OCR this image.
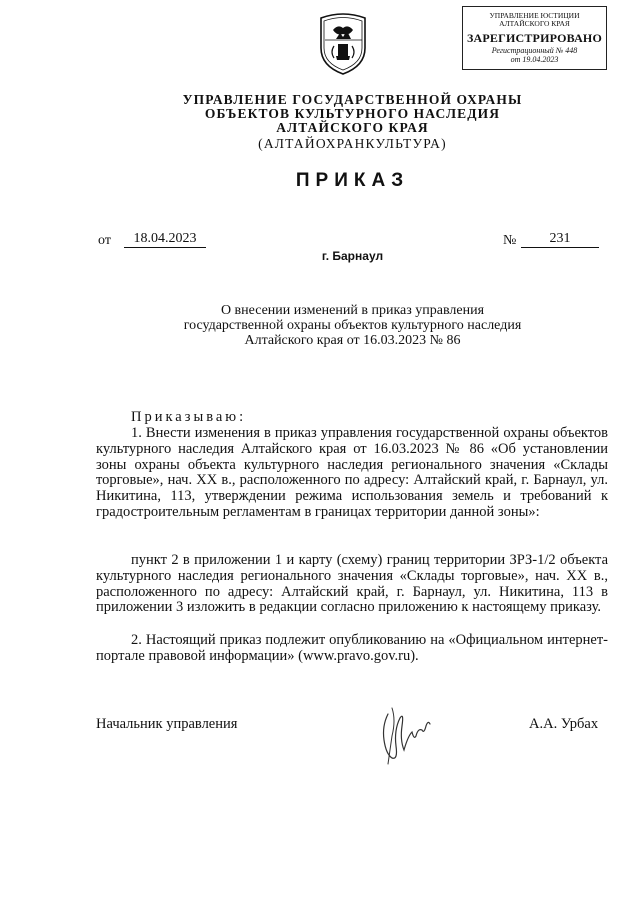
УПРАВЛЕНИЕ ЮСТИЦИИ
АЛТАЙСКОГО КРАЯ
ЗАРЕГИСТРИРОВАНО
Регистрационный № 448
от 19.04.2023
УПРАВЛЕНИЕ ГОСУДАРСТВЕННОЙ ОХРАНЫ
ОБЪЕКТОВ КУЛЬТУРНОГО НАСЛЕДИЯ
АЛТАЙСКОГО КРАЯ
(АЛТАЙОХРАНКУЛЬТУРА)
ПРИКАЗ
от	18.04.2023	№	231
г. Барнаул
О внесении изменений в приказ управления
государственной охраны объектов культурного наследия
Алтайского края от 16.03.2023 № 86
Приказываю:
1. Внести изменения в приказ управления государственной охраны объектов культурного наследия Алтайского края от 16.03.2023 № 86 «Об установлении зоны охраны объекта культурного наследия регионального значения «Склады торговые», нач. XX в., расположенного по адресу: Алтайский край, г. Барнаул, ул. Никитина, 113, утверждении режима использования земель и требований к градостроительным регламентам в границах территории данной зоны»:
пункт 2 в приложении 1 и карту (схему) границ территории ЗРЗ-1/2 объекта культурного наследия регионального значения «Склады торговые», нач. XX в., расположенного по адресу: Алтайский край, г. Барнаул, ул. Никитина, 113 в приложении 3 изложить в редакции согласно приложению к настоящему приказу.
2. Настоящий приказ подлежит опубликованию на «Официальном интернет-портале правовой информации» (www.pravo.gov.ru).
Начальник управления	А.А. Урбах
